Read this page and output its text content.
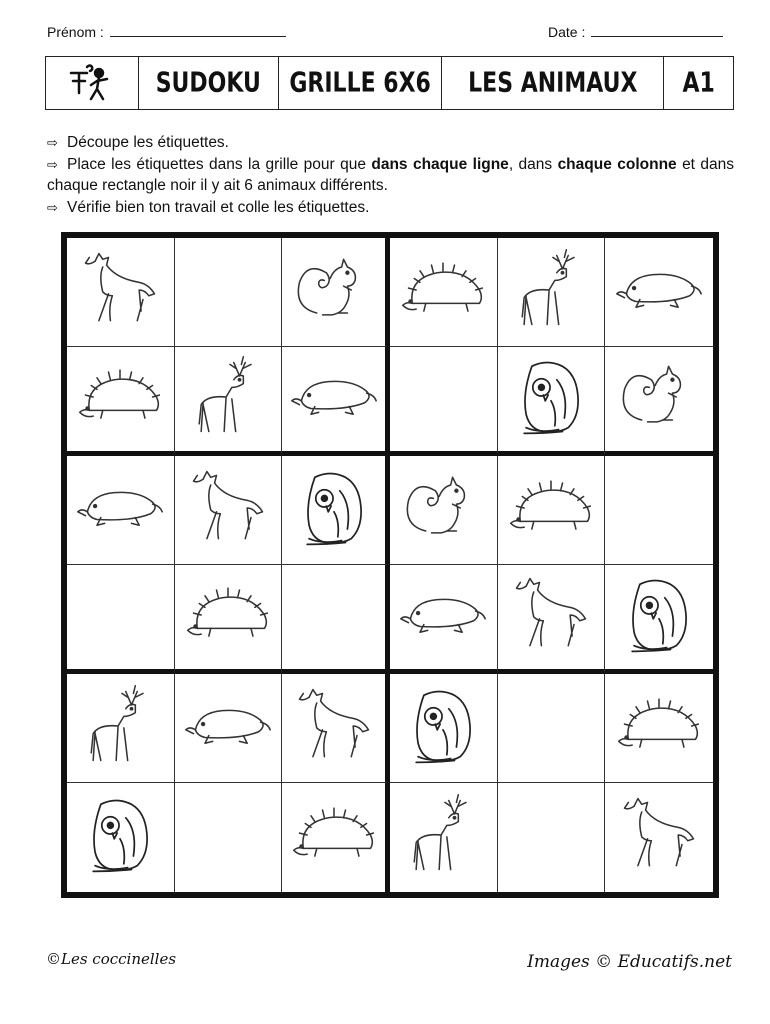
Prénom :	Date :
SUDOKU GRILLE 6X6 LES ANIMAUX A1

⇨ Découpe les étiquettes.

⇨ Place les étiquettes dans la grille pour que dans chaque ligne, dans chaque colonne et dans chaque rectangle noir il y ait 6 animaux différents.

⇨ Vérifie bien ton travail et colle les étiquettes.

©Les coccinelles	Images © Educatifs.net
